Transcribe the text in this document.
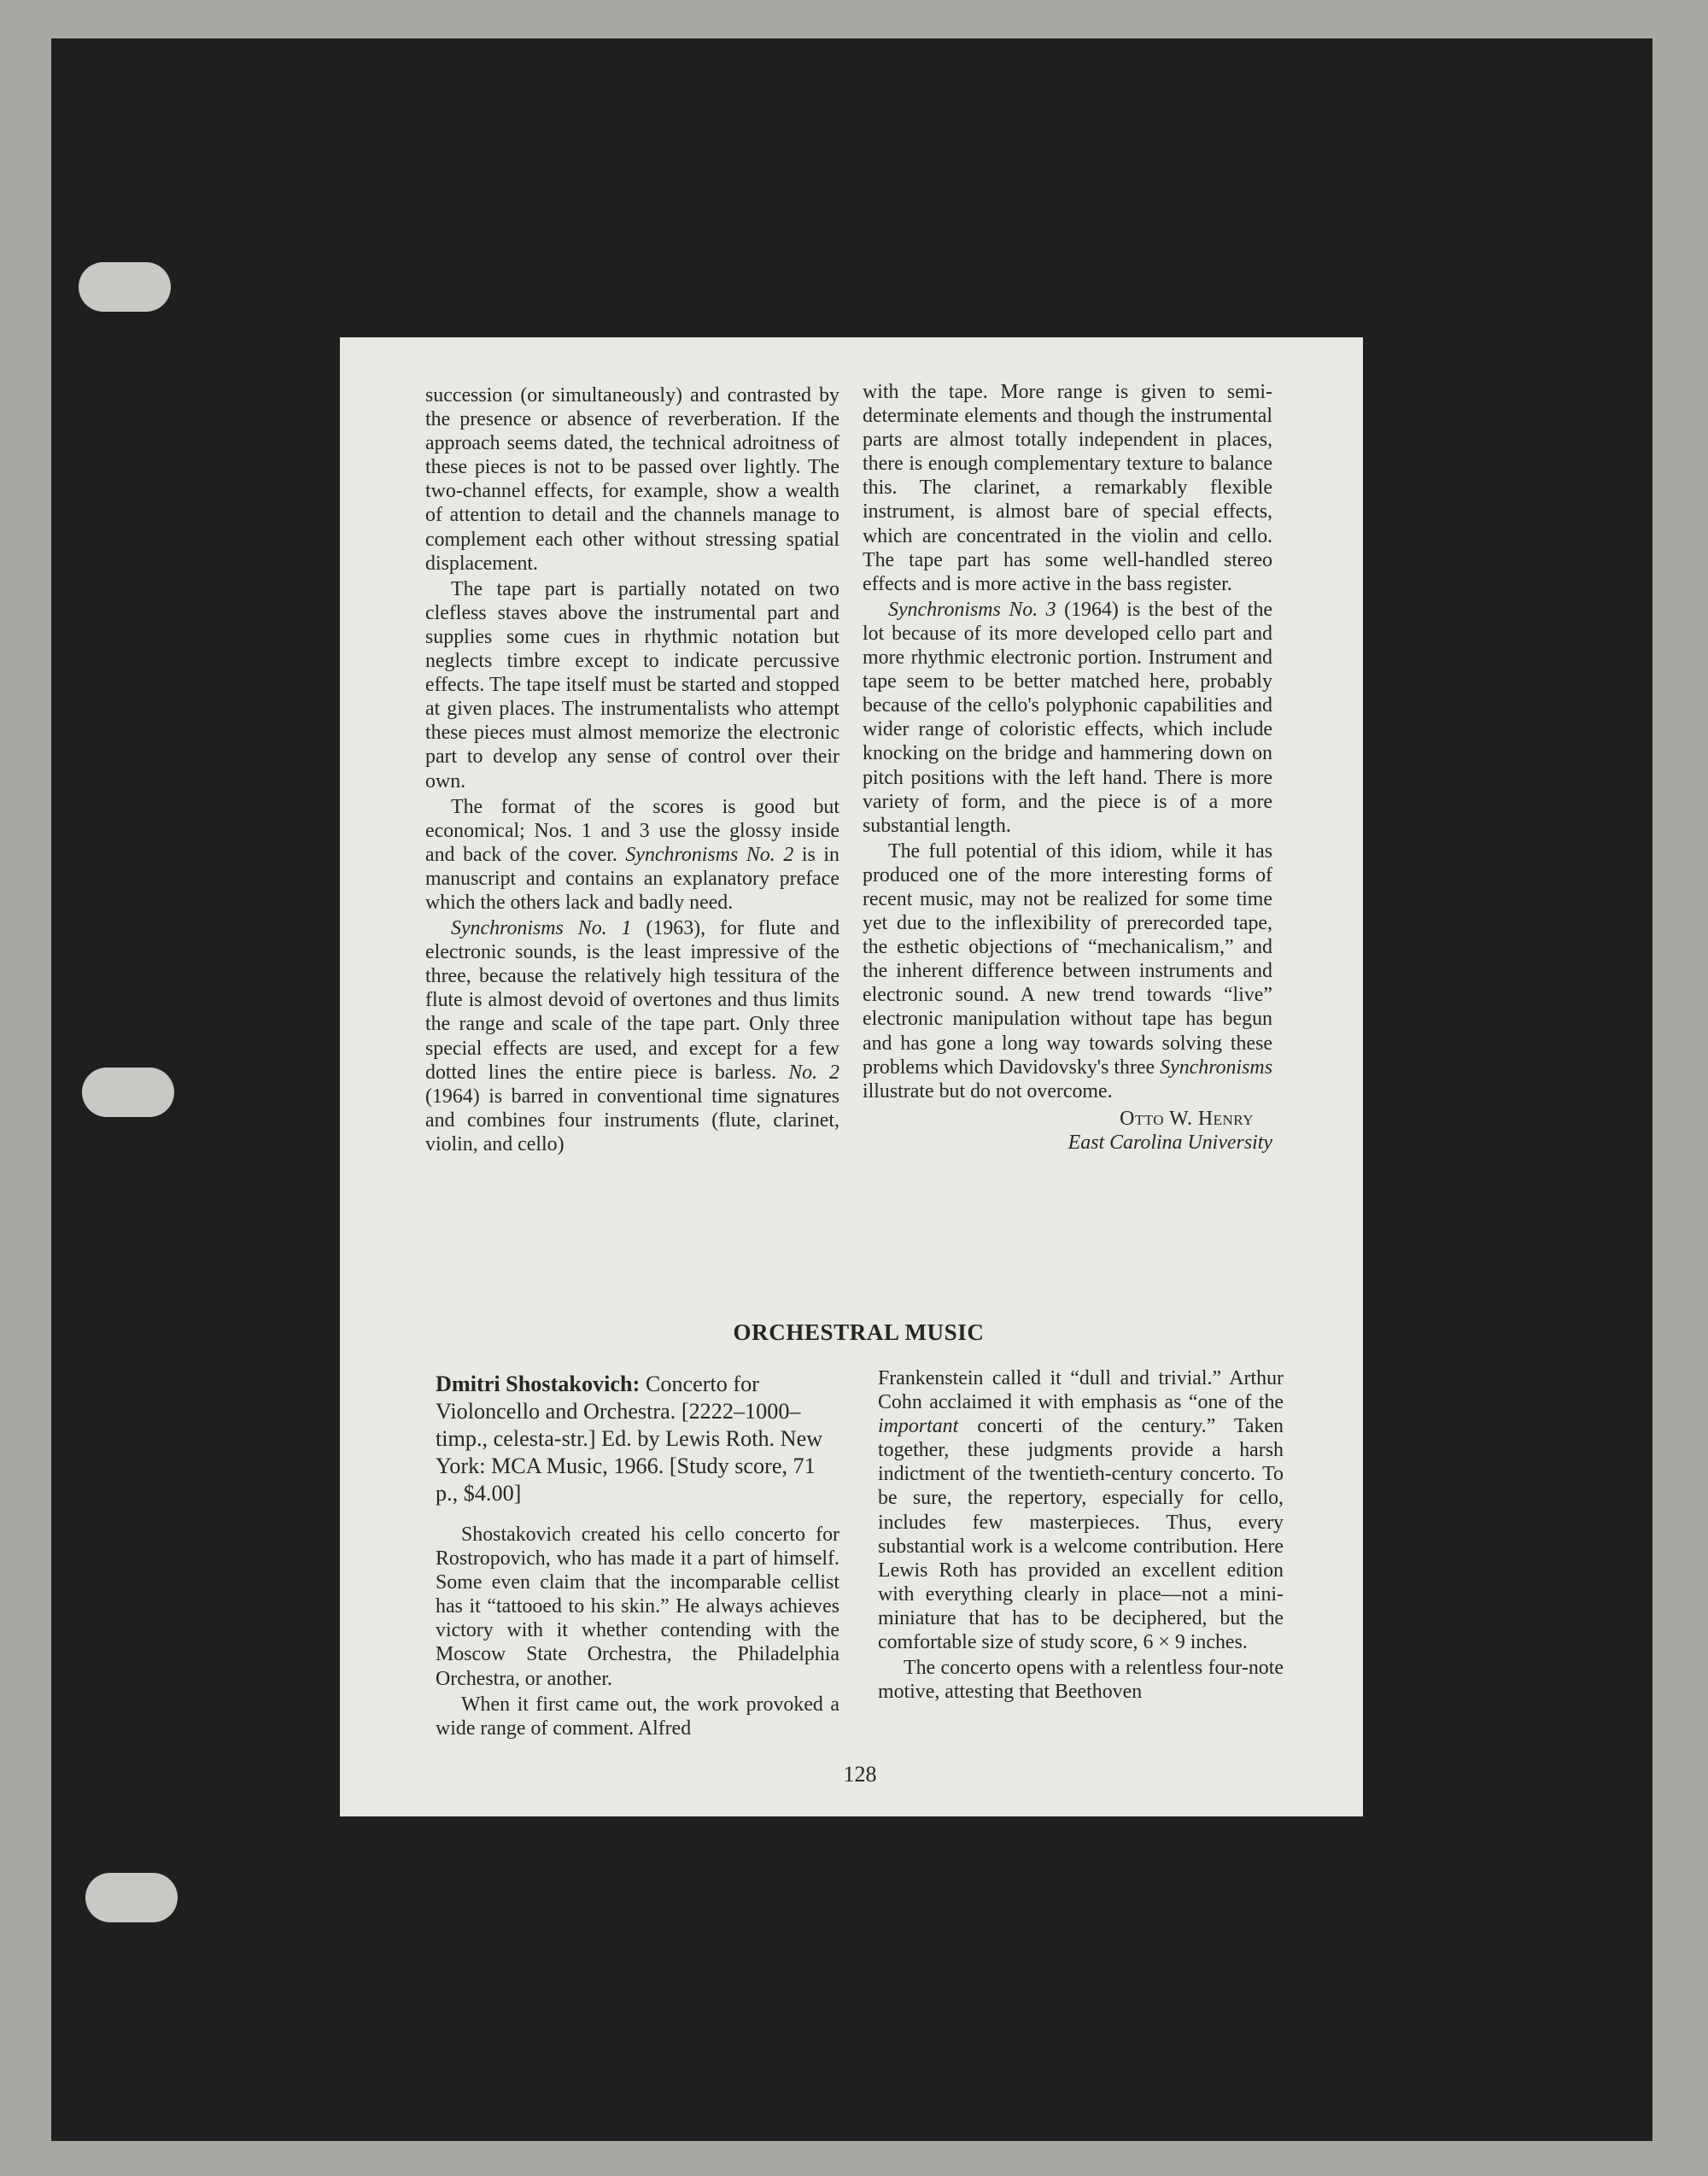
succession (or simultaneously) and contrasted by the presence or absence of reverberation. If the approach seems dated, the technical adroitness of these pieces is not to be passed over lightly. The two-channel effects, for example, show a wealth of attention to detail and the channels manage to complement each other without stressing spatial displacement.

The tape part is partially notated on two clefless staves above the instrumental part and supplies some cues in rhythmic notation but neglects timbre except to indicate percussive effects. The tape itself must be started and stopped at given places. The instrumentalists who attempt these pieces must almost memorize the electronic part to develop any sense of control over their own.

The format of the scores is good but economical; Nos. 1 and 3 use the glossy inside and back of the cover. Synchronisms No. 2 is in manuscript and contains an explanatory preface which the others lack and badly need.

Synchronisms No. 1 (1963), for flute and electronic sounds, is the least impressive of the three, because the relatively high tessitura of the flute is almost devoid of overtones and thus limits the range and scale of the tape part. Only three special effects are used, and except for a few dotted lines the entire piece is barless. No. 2 (1964) is barred in conventional time signatures and combines four instruments (flute, clarinet, violin, and cello)

with the tape. More range is given to semi-determinate elements and though the instrumental parts are almost totally independent in places, there is enough complementary texture to balance this. The clarinet, a remarkably flexible instrument, is almost bare of special effects, which are concentrated in the violin and cello. The tape part has some well-handled stereo effects and is more active in the bass register.

Synchronisms No. 3 (1964) is the best of the lot because of its more developed cello part and more rhythmic electronic portion. Instrument and tape seem to be better matched here, probably because of the cello's polyphonic capabilities and wider range of coloristic effects, which include knocking on the bridge and hammering down on pitch positions with the left hand. There is more variety of form, and the piece is of a more substantial length.

The full potential of this idiom, while it has produced one of the more interesting forms of recent music, may not be realized for some time yet due to the inflexibility of prerecorded tape, the esthetic objections of “mechanicalism,” and the inherent difference between instruments and electronic sound. A new trend towards “live” electronic manipulation without tape has begun and has gone a long way towards solving these problems which Davidovsky's three Synchronisms illustrate but do not overcome.

Otto W. Henry
East Carolina University
ORCHESTRAL MUSIC
Dmitri Shostakovich: Concerto for Violoncello and Orchestra. [2222–1000–timp., celesta-str.] Ed. by Lewis Roth. New York: MCA Music, 1966. [Study score, 71 p., $4.00]

Shostakovich created his cello concerto for Rostropovich, who has made it a part of himself. Some even claim that the incomparable cellist has it “tattooed to his skin.” He always achieves victory with it whether contending with the Moscow State Orchestra, the Philadelphia Orchestra, or another.

When it first came out, the work provoked a wide range of comment. Alfred

Frankenstein called it “dull and trivial.” Arthur Cohn acclaimed it with emphasis as “one of the important concerti of the century.” Taken together, these judgments provide a harsh indictment of the twentieth-century concerto. To be sure, the repertory, especially for cello, includes few masterpieces. Thus, every substantial work is a welcome contribution. Here Lewis Roth has provided an excellent edition with everything clearly in place—not a mini-miniature that has to be deciphered, but the comfortable size of study score, 6 × 9 inches.

The concerto opens with a relentless four-note motive, attesting that Beethoven

128
